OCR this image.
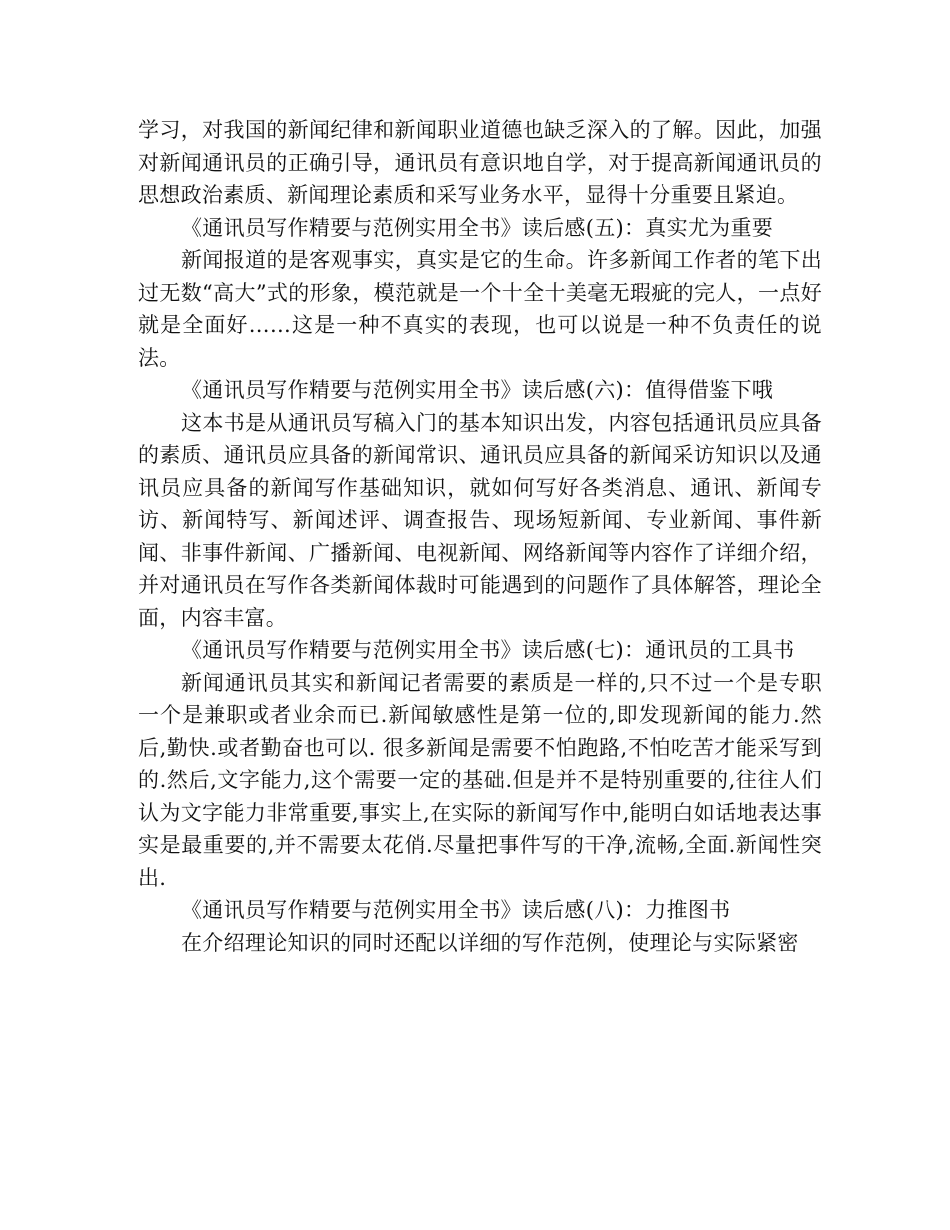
学习，对我国的新闻纪律和新闻职业道德也缺乏深入的了解。因此，加强对新闻通讯员的正确引导，通讯员有意识地自学，对于提高新闻通讯员的思想政治素质、新闻理论素质和采写业务水平，显得十分重要且紧迫。

《通讯员写作精要与范例实用全书》读后感(五)：真实尤为重要

新闻报道的是客观事实，真实是它的生命。许多新闻工作者的笔下出过无数“高大”式的形象，模范就是一个十全十美毫无瑕疵的完人，一点好就是全面好……这是一种不真实的表现，也可以说是一种不负责任的说法。

《通讯员写作精要与范例实用全书》读后感(六)：值得借鉴下哦

这本书是从通讯员写稿入门的基本知识出发，内容包括通讯员应具备的素质、通讯员应具备的新闻常识、通讯员应具备的新闻采访知识以及通讯员应具备的新闻写作基础知识，就如何写好各类消息、通讯、新闻专访、新闻特写、新闻述评、调查报告、现场短新闻、专业新闻、事件新闻、非事件新闻、广播新闻、电视新闻、网络新闻等内容作了详细介绍，并对通讯员在写作各类新闻体裁时可能遇到的问题作了具体解答，理论全面，内容丰富。

《通讯员写作精要与范例实用全书》读后感(七)：通讯员的工具书

新闻通讯员其实和新闻记者需要的素质是一样的,只不过一个是专职一个是兼职或者业余而已.新闻敏感性是第一位的,即发现新闻的能力.然后,勤快.或者勤奋也可以. 很多新闻是需要不怕跑路,不怕吃苦才能采写到的.然后,文字能力,这个需要一定的基础.但是并不是特别重要的,往往人们认为文字能力非常重要,事实上,在实际的新闻写作中,能明白如话地表达事实是最重要的,并不需要太花俏.尽量把事件写的干净,流畅,全面.新闻性突出.

《通讯员写作精要与范例实用全书》读后感(八)：力推图书

在介绍理论知识的同时还配以详细的写作范例，使理论与实际紧密
